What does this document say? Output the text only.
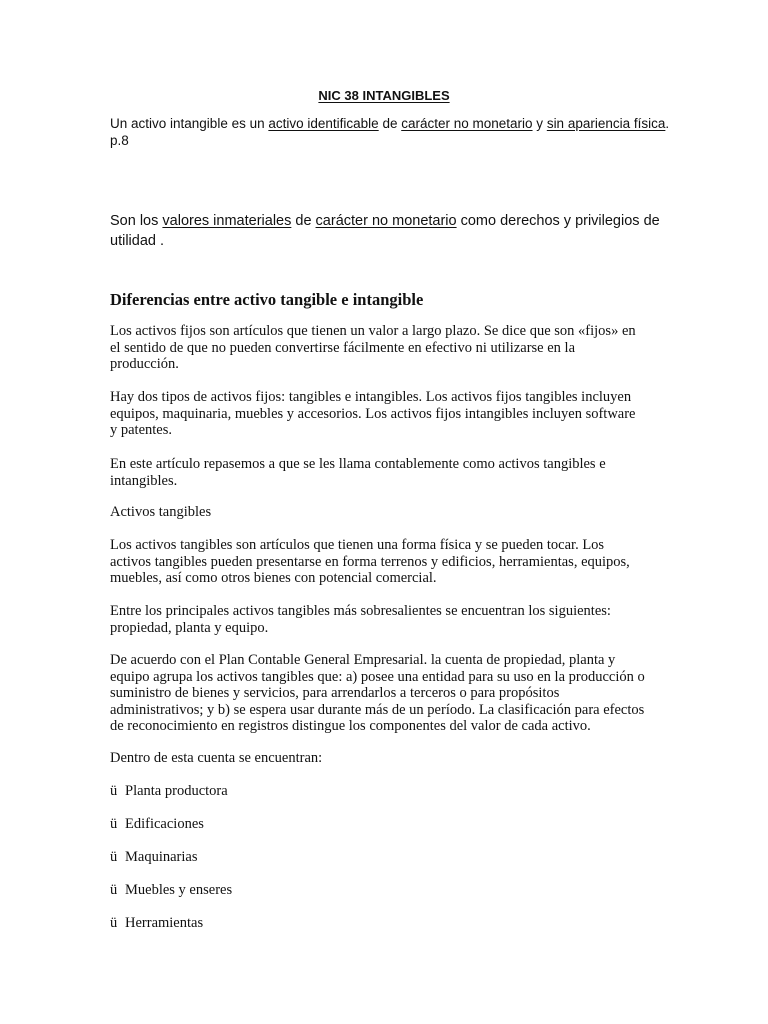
NIC 38 INTANGIBLES
Un activo intangible es un activo identificable de carácter no monetario y sin apariencia física.
p.8
Son los valores inmateriales de carácter no monetario como derechos y privilegios de
utilidad .
Diferencias entre activo tangible e intangible
Los activos fijos son artículos que tienen un valor a largo plazo. Se dice que son «fijos» en
el sentido de que no pueden convertirse fácilmente en efectivo ni utilizarse en la
producción.
Hay dos tipos de activos fijos: tangibles e intangibles. Los activos fijos tangibles incluyen
equipos, maquinaria, muebles y accesorios. Los activos fijos intangibles incluyen software
y patentes.
En este artículo repasemos a que se les llama contablemente como activos tangibles e
intangibles.
Activos tangibles
Los activos tangibles son artículos que tienen una forma física y se pueden tocar. Los
activos tangibles pueden presentarse en forma terrenos y edificios, herramientas, equipos,
muebles, así como otros bienes con potencial comercial.
Entre los principales activos tangibles más sobresalientes se encuentran los siguientes:
propiedad, planta y equipo.
De acuerdo con el Plan Contable General Empresarial. la cuenta de propiedad, planta y
equipo agrupa los activos tangibles que: a) posee una entidad para su uso en la producción o
suministro de bienes y servicios, para arrendarlos a terceros o para propósitos
administrativos; y b) se espera usar durante más de un período. La clasificación para efectos
de reconocimiento en registros distingue los componentes del valor de cada activo.
Dentro de esta cuenta se encuentran:
ü Planta productora
ü Edificaciones
ü Maquinarias
ü Muebles y enseres
ü Herramientas
